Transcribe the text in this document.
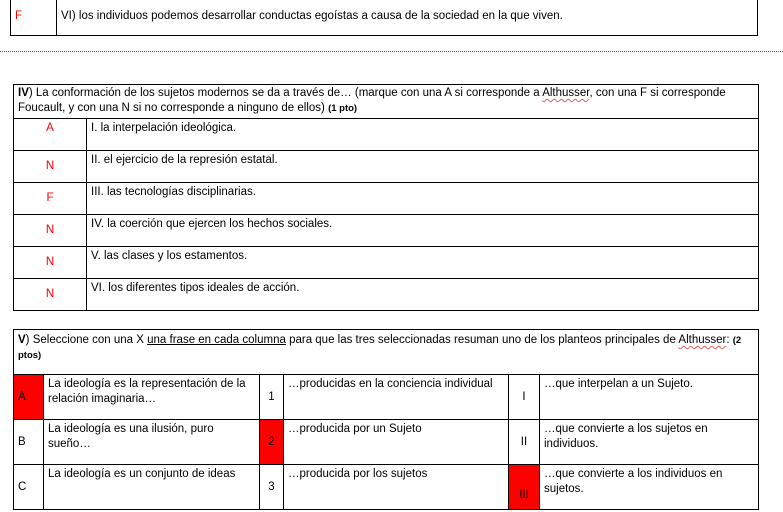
F	VI) los individuos podemos desarrollar conductas egoístas a causa de la sociedad en la que viven.
IV) La conformación de los sujetos modernos se da a través de… (marque con una A si corresponde a Althusser, con una F si corresponde Foucault, y con una N si no corresponde a ninguno de ellos) (1 pto)	
A	I. la interpelación ideológica.
N	II. el ejercicio de la represión estatal.
F	III. las tecnologías disciplinarias.
N	IV. la coerción que ejercen los hechos sociales.
N	V. las clases y los estamentos.
N	VI. los diferentes tipos ideales de acción.
V) Seleccione con una X una frase en cada columna para que las tres seleccionadas resuman uno de los planteos principales de Althusser: (2 ptos)					
A	La ideología es la representación de la relación imaginaria…	1	…producidas en la conciencia individual	I	…que interpelan a un Sujeto.
B	La ideología es una ilusión, puro sueño…	2	…producida por un Sujeto	II	…que convierte a los sujetos en individuos.
C	La ideología es un conjunto de ideas	3	…producida por los sujetos	III	…que convierte a los individuos en sujetos.
